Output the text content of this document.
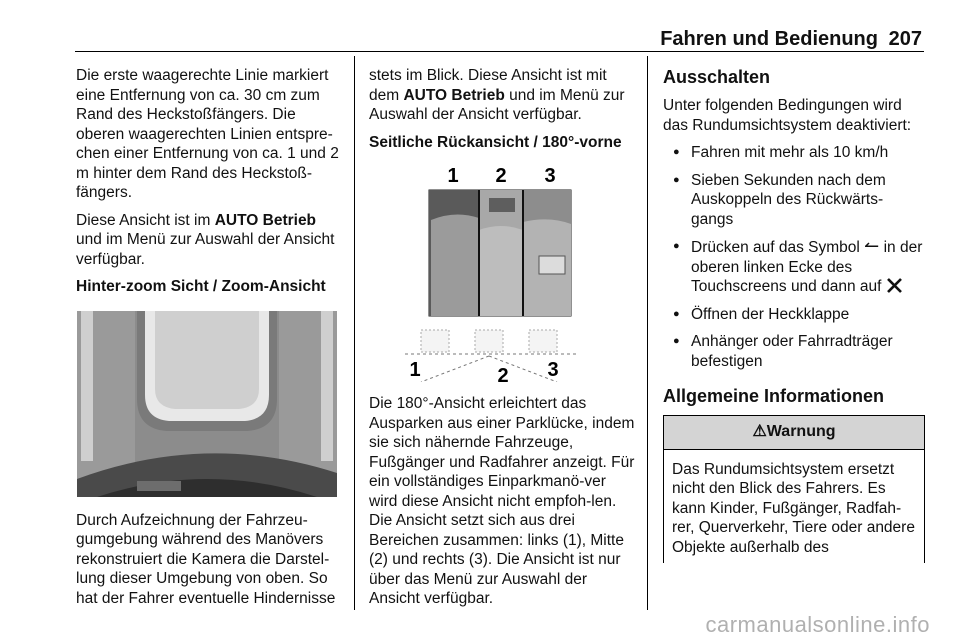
Fahren und Bedienung 207

Die erste waagerechte Linie markiert eine Entfernung von ca. 30 cm zum Rand des Heckstoßfängers. Die oberen waagerechten Linien entspre-chen einer Entfernung von ca. 1 und 2 m hinter dem Rand des Heckstoß-fängers.

Diese Ansicht ist im AUTO Betrieb und im Menü zur Auswahl der Ansicht verfügbar.

Hinter-zoom Sicht / Zoom-Ansicht

Durch Aufzeichnung der Fahrzeu-gumgebung während des Manövers rekonstruiert die Kamera die Darstel-lung dieser Umgebung von oben. So hat der Fahrer eventuelle Hindernisse

stets im Blick. Diese Ansicht ist mit dem AUTO Betrieb und im Menü zur Auswahl der Ansicht verfügbar.

Seitliche Rückansicht / 180°-vorne

1 2 3
1	2 3

Die 180°-Ansicht erleichtert das Ausparken aus einer Parklücke, indem sie sich nähernde Fahrzeuge, Fußgänger und Radfahrer anzeigt. Für ein vollständiges Einparkmanö-ver wird diese Ansicht nicht empfoh-len. Die Ansicht setzt sich aus drei Bereichen zusammen: links (1), Mitte (2) und rechts (3). Die Ansicht ist nur über das Menü zur Auswahl der Ansicht verfügbar.

Ausschalten

Unter folgenden Bedingungen wird das Rundumsichtsystem deaktiviert:

● Fahren mit mehr als 10 km/h
● Sieben Sekunden nach dem Auskoppeln des Rückwärts-gangs
● Drücken auf das Symbol ↼ in der oberen linken Ecke des Touchscreens und dann auf
● Öffnen der Heckklappe
● Anhänger oder Fahrradträger befestigen
Allgemeine Informationen
⚠Warnung
Das Rundumsichtsystem ersetzt nicht den Blick des Fahrers. Es kann Kinder, Fußgänger, Radfah-rer, Querverkehr, Tiere oder andere Objekte außerhalb des
carmanualsonline.info
